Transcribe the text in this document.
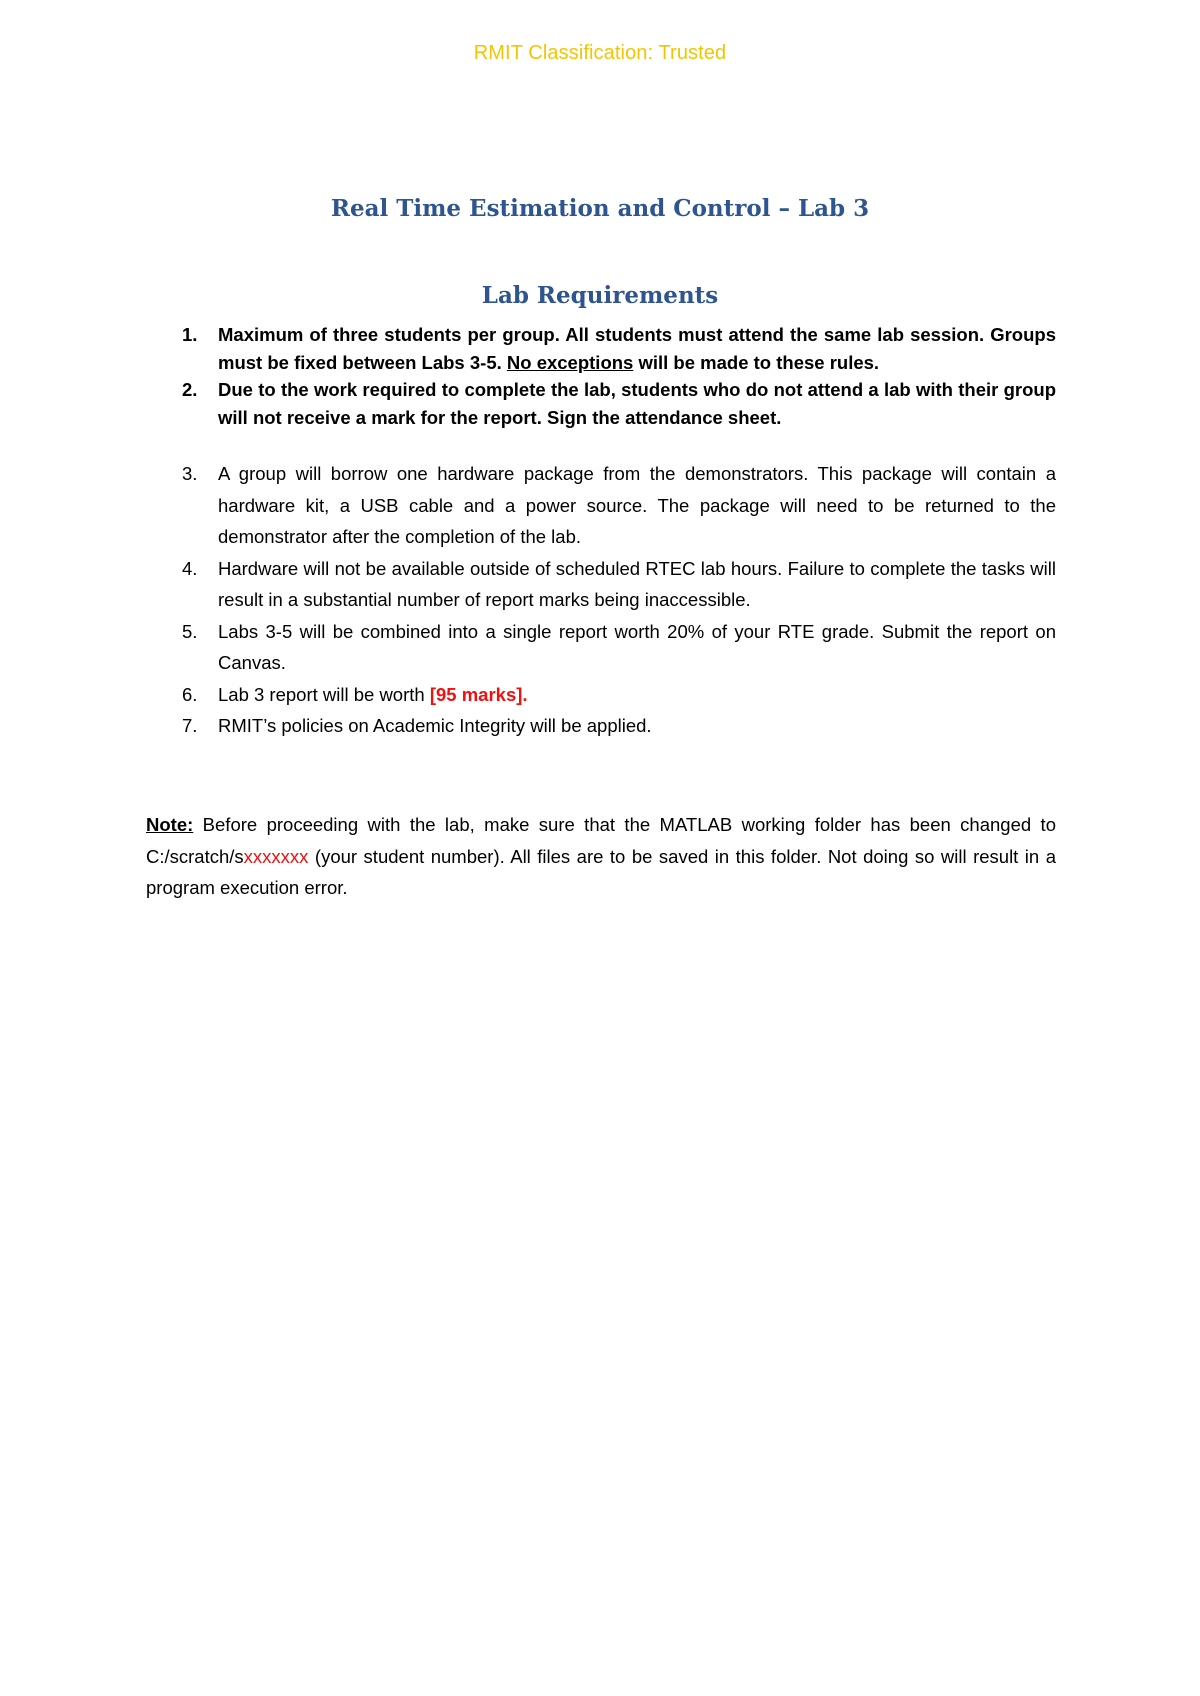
RMIT Classification: Trusted
Real Time Estimation and Control – Lab 3
Lab Requirements
1.	Maximum of three students per group. All students must attend the same lab session. Groups must be fixed between Labs 3-5. No exceptions will be made to these rules.
2.	Due to the work required to complete the lab, students who do not attend a lab with their group will not receive a mark for the report. Sign the attendance sheet.
3.	A group will borrow one hardware package from the demonstrators. This package will contain a hardware kit, a USB cable and a power source. The package will need to be returned to the demonstrator after the completion of the lab.
4.	Hardware will not be available outside of scheduled RTEC lab hours. Failure to complete the tasks will result in a substantial number of report marks being inaccessible.
5.	Labs 3-5 will be combined into a single report worth 20% of your RTE grade. Submit the report on Canvas.
6.	Lab 3 report will be worth [95 marks].
7.	RMIT’s policies on Academic Integrity will be applied.

Note: Before proceeding with the lab, make sure that the MATLAB working folder has been changed to C:/scratch/sxxxxxxx (your student number). All files are to be saved in this folder. Not doing so will result in a program execution error.
